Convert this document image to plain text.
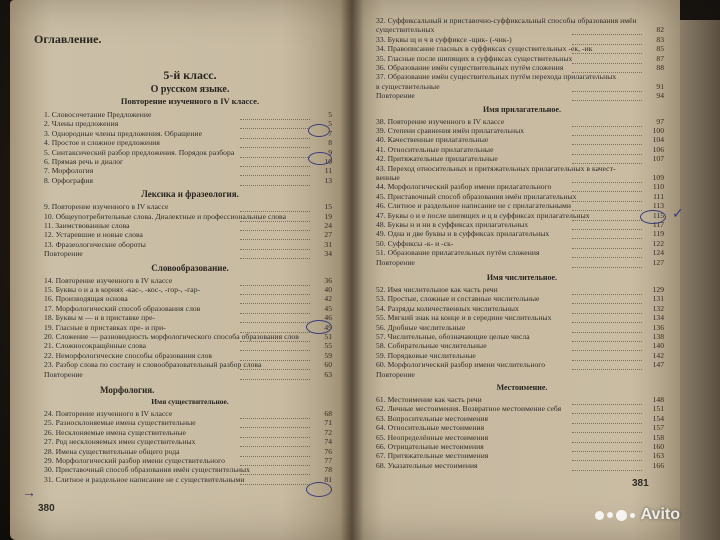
Оглавление.
5-й класс.
О русском языке.
Повторение изученного в IV классе.
1. Словосочетание Предложение	5
2. Члены предложения	5
3. Однородные члены предложения. Обращение	7
4. Простое и сложное предложения	8
5. Синтаксический разбор предложения. Порядок разбора	9
6. Прямая речь и диалог	10
7. Морфология	11
8. Орфография	13
Лексика и фразеология.
9. Повторение изученного в IV классе	15
10. Общеупотребительные слова. Диалектные и профессиональные слова	19
11. Заимствованные слова	24
12. Устаревшие и новые слова	27
13. Фразеологические обороты	31
Повторение	34
Словообразование.
14. Повторение изученного в IV классе	36
15. Буквы о и а в корнях -кас-, -кос-, -гор-, -гар-	40
16. Производящая основа	42
17. Морфологический способ образования слов	45
18. Буквы м — н в приставке пре-	46
19. Гласные в приставках пре- и при-	49
20. Сложение — разновидность морфологического способа образования слов	51
21. Сложносокращённые слова	55
22. Неморфологические способы образования слов	59
23. Разбор слова по составу и словообразовательный разбор слова	60
Повторение	63
Морфология.
Имя существительное.
24. Повторение изученного в IV классе	68
25. Разносклоняемые имена существительные	71
26. Несклоняемые имена существительные	72
27. Род несклоняемых имен существительных	74
28. Имена существительные общего рода	76
29. Морфологический разбор имени существительного	77
30. Приставочный способ образования имён существительных	78
31. Слитное и раздельное написание не с существительными	81
→
32. Суффиксальный и приставочно-суффиксальный способы образования имён
существительных	82
33. Буквы щ и ч в суффиксе -щик- (-чик-)	83
34. Правописание гласных в суффиксах существительных -ек, -ик	85
35. Гласные после шипящих в суффиксах существительных	87
36. Образование имён существительных путём сложения	88
37. Образование имён существительных путём перехода прилагательных
в существительные	91
Повторение	94
Имя прилагательное.
38. Повторение изученного в IV классе	97
39. Степени сравнения имён прилагательных	100
40. Качественные прилагательные	104
41. Относительные прилагательные	106
42. Притяжательные прилагательные	107
43. Переход относительных и притяжательных прилагательных в качест-
венные	109
44. Морфологический разбор имени прилагательного	110
45. Приставочный способ образования имён прилагательных	111
46. Слитное и раздельное написание не с прилагательными	113
47. Буквы о и е после шипящих и ц в суффиксах прилагательных	115
48. Буквы н и нн в суффиксах прилагательных	117
49. Одна и две буквы н в суффиксах прилагательных	119
50. Суффиксы -к- и -ск-	122
51. Образование прилагательных путём сложения	124
Повторение	127
Имя числительное.
52. Имя числительное как часть речи	129
53. Простые, сложные и составные числительные	131
54. Разряды количественных числительных	132
55. Мягкий знак на конце и в середине числительных	134
56. Дробные числительные	136
57. Числительные, обозначающие целые числа	138
58. Собирательные числительные	140
59. Порядковые числительные	142
60. Морфологический разбор имени числительного	147
Повторение
Местоимение.
61. Местоимение как часть речи	148
62. Личные местоимения. Возвратное местоимение себя	151
63. Вопросительные местоимения	154
64. Относительные местоимения	157
65. Неопределённые местоимения	158
66. Отрицательные местоимения	160
67. Притяжательные местоимения	163
68. Указательные местоимения	166
✓
380
381
Avito
